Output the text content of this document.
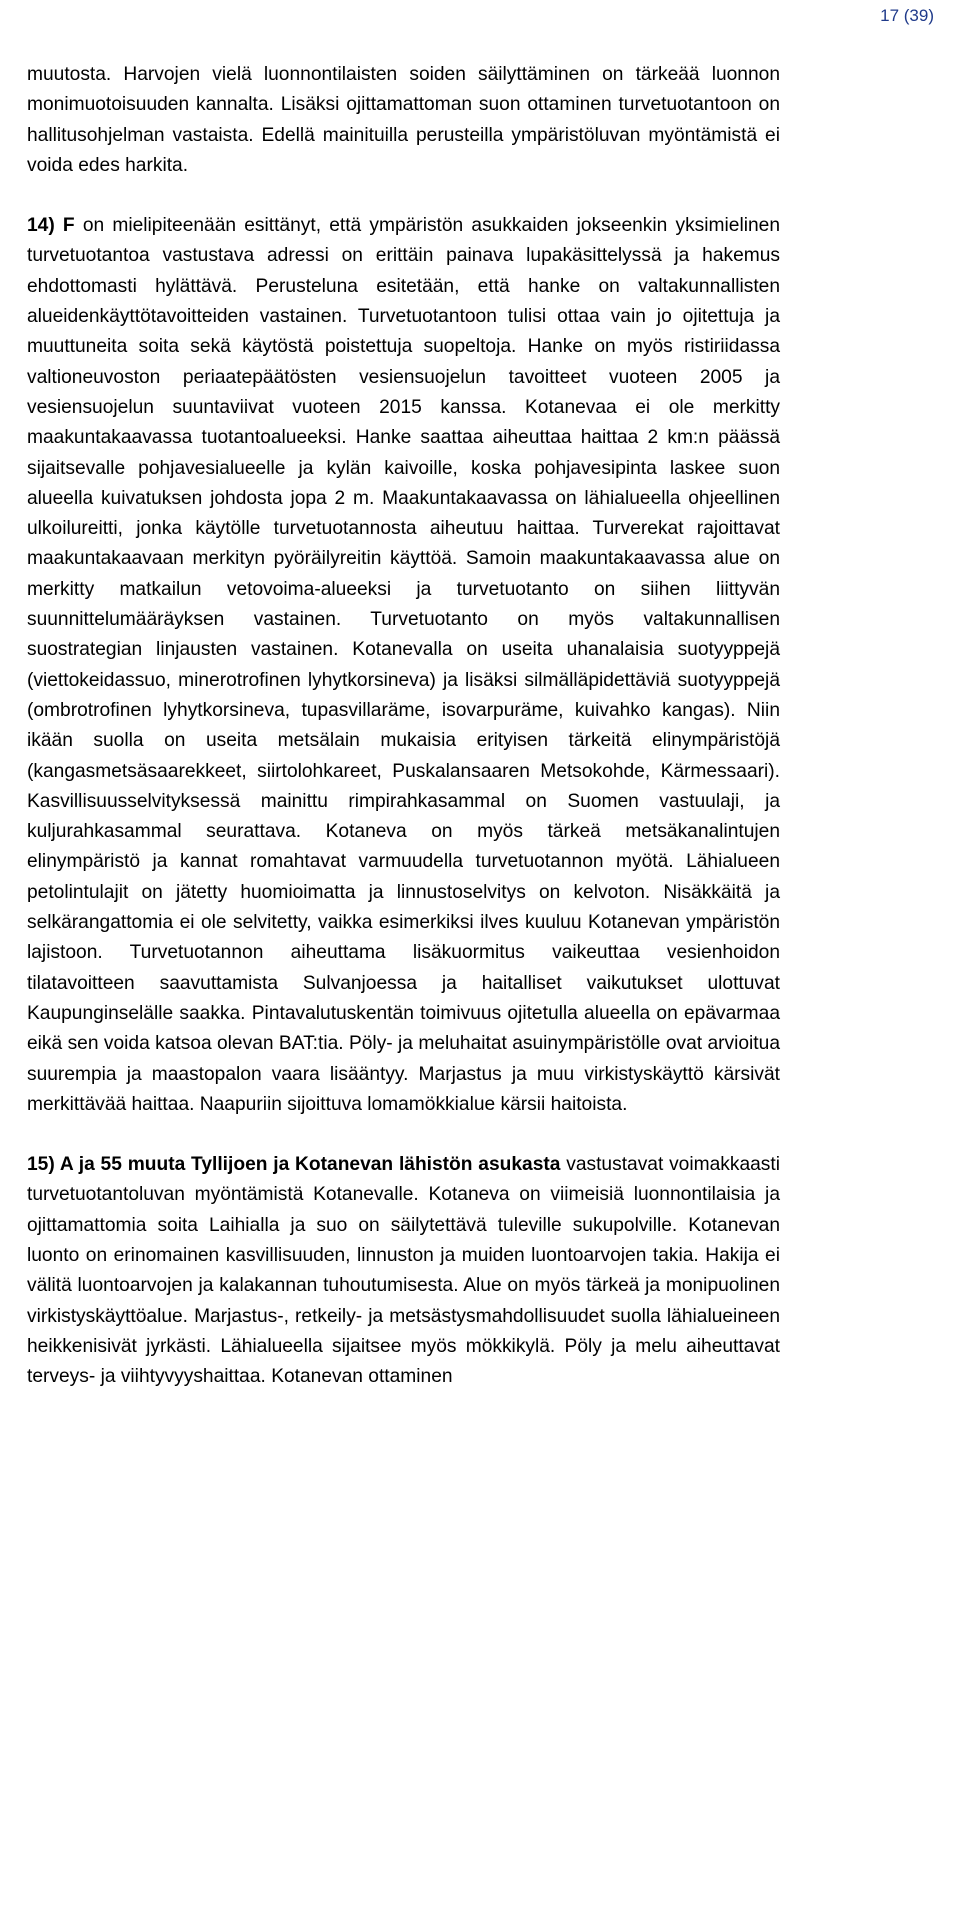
17 (39)

muutosta. Harvojen vielä luonnontilaisten soiden säilyttäminen on tärkeää luonnon monimuotoisuuden kannalta. Lisäksi ojittamattoman suon ottaminen turvetuotantoon on hallitusohjelman vastaista. Edellä mainituilla perusteilla ympäristöluvan myöntämistä ei voida edes harkita.

14) F on mielipiteenään esittänyt, että ympäristön asukkaiden jokseenkin yksimielinen turvetuotantoa vastustava adressi on erittäin painava lupakäsittelyssä ja hakemus ehdottomasti hylättävä. Perusteluna esitetään, että hanke on valtakunnallisten alueidenkäyttötavoitteiden vastainen. Turvetuotantoon tulisi ottaa vain jo ojitettuja ja muuttuneita soita sekä käytöstä poistettuja suopeltoja. Hanke on myös ristiriidassa valtioneuvoston periaatepäätösten vesiensuojelun tavoitteet vuoteen 2005 ja vesiensuojelun suuntaviivat vuoteen 2015 kanssa. Kotanevaa ei ole merkitty maakuntakaavassa tuotantoalueeksi. Hanke saattaa aiheuttaa haittaa 2 km:n päässä sijaitsevalle pohjavesialueelle ja kylän kaivoille, koska pohjavesipinta laskee suon alueella kuivatuksen johdosta jopa 2 m. Maakuntakaavassa on lähialueella ohjeellinen ulkoilureitti, jonka käytölle turvetuotannosta aiheutuu haittaa. Turverekat rajoittavat maakuntakaavaan merkityn pyöräilyreitin käyttöä. Samoin maakuntakaavassa alue on merkitty matkailun vetovoima-alueeksi ja turvetuotanto on siihen liittyvän suunnittelumääräyksen vastainen. Turvetuotanto on myös valtakunnallisen suostrategian linjausten vastainen. Kotanevalla on useita uhanalaisia suotyyppejä (viettokeidassuo, minerotrofinen lyhytkorsineva) ja lisäksi silmälläpidettäviä suotyyppejä (ombrotrofinen lyhytkorsineva, tupasvillaräme, isovarpuräme, kuivahko kangas). Niin ikään suolla on useita metsälain mukaisia erityisen tärkeitä elinympäristöjä (kangasmetsäsaarekkeet, siirtolohkareet, Puskalansaaren Metsokohde, Kärmessaari). Kasvillisuusselvityksessä mainittu rimpirahkasammal on Suomen vastuulaji, ja kuljurahkasammal seurattava. Kotaneva on myös tärkeä metsäkanalintujen elinympäristö ja kannat romahtavat varmuudella turvetuotannon myötä. Lähialueen petolintulajit on jätetty huomioimatta ja linnustoselvitys on kelvoton. Nisäkkäitä ja selkärangattomia ei ole selvitetty, vaikka esimerkiksi ilves kuuluu Kotanevan ympäristön lajistoon. Turvetuotannon aiheuttama lisäkuormitus vaikeuttaa vesienhoidon tilatavoitteen saavuttamista Sulvanjoessa ja haitalliset vaikutukset ulottuvat Kaupunginselälle saakka. Pintavalutuskentän toimivuus ojitetulla alueella on epävarmaa eikä sen voida katsoa olevan BAT:tia. Pöly- ja meluhaitat asuinympäristölle ovat arvioitua suurempia ja maastopalon vaara lisääntyy. Marjastus ja muu virkistyskäyttö kärsivät merkittävää haittaa. Naapuriin sijoittuva lomamökkialue kärsii haitoista.

15) A ja 55 muuta Tyllijoen ja Kotanevan lähistön asukasta vastustavat voimakkaasti turvetuotantoluvan myöntämistä Kotanevalle. Kotaneva on viimeisiä luonnontilaisia ja ojittamattomia soita Laihialla ja suo on säilytettävä tuleville sukupolville. Kotanevan luonto on erinomainen kasvillisuuden, linnuston ja muiden luontoarvojen takia. Hakija ei välitä luontoarvojen ja kalakannan tuhoutumisesta. Alue on myös tärkeä ja monipuolinen virkistyskäyttöalue. Marjastus-, retkeily- ja metsästysmahdollisuudet suolla lähialueineen heikkenisivät jyrkästi. Lähialueella sijaitsee myös mökkikylä. Pöly ja melu aiheuttavat terveys- ja viihtyvyyshaittaa. Kotanevan ottaminen
